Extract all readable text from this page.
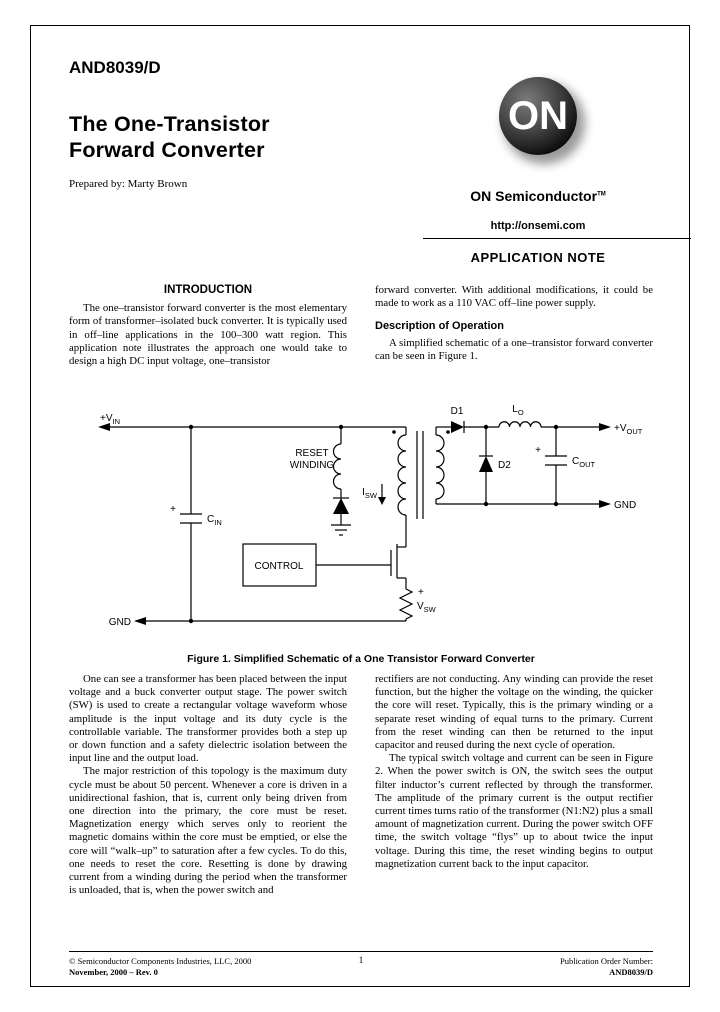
AND8039/D
The One-Transistor
Forward Converter
Prepared by: Marty Brown
ON
ON Semiconductor™
http://onsemi.com
APPLICATION NOTE
INTRODUCTION

The one–transistor forward converter is the most elementary form of transformer–isolated buck converter. It is typically used in off–line applications in the 100–300 watt region. This application note illustrates the approach one would take to design a high DC input voltage, one–transistor

forward converter. With additional modifications, it could be made to work as a 110 VAC off–line power supply.

Description of Operation

A simplified schematic of a one–transistor forward converter can be seen in Figure 1.

$+V_{IN}$
GND
+
$C_{IN}$
RESET
WINDING
$I_{SW}$
CONTROL
+
$V_{SW}$
D1
D2
$L_O$
+
$C_{OUT}$
$+V_{OUT}$
GND
Figure 1. Simplified Schematic of a One Transistor Forward Converter

One can see a transformer has been placed between the input voltage and a buck converter output stage. The power switch (SW) is used to create a rectangular voltage waveform whose amplitude is the input voltage and its duty cycle is the controllable variable. The transformer provides both a step up or down function and a safety dielectric isolation between the input line and the output load.

The major restriction of this topology is the maximum duty cycle must be about 50 percent. Whenever a core is driven in a unidirectional fashion, that is, current only being driven from one direction into the primary, the core must be reset. Magnetization energy which serves only to reorient the magnetic domains within the core must be emptied, or else the core will “walk–up” to saturation after a few cycles. To do this, one needs to reset the core. Resetting is done by drawing current from a winding during the period when the transformer is unloaded, that is, when the power switch and

rectifiers are not conducting. Any winding can provide the reset function, but the higher the voltage on the winding, the quicker the core will reset. Typically, this is the primary winding or a separate reset winding of equal turns to the primary. Current from the reset winding can then be returned to the input capacitor and reused during the next cycle of operation.

The typical switch voltage and current can be seen in Figure 2. When the power switch is ON, the switch sees the output filter inductor’s current reflected by through the transformer. The amplitude of the primary current is the output rectifier current times turns ratio of the transformer (N1:N2) plus a small amount of magnetization current. During the power switch OFF time, the switch voltage “flys” up to about twice the input voltage. During this time, the reset winding begins to output magnetization current back to the input capacitor.

© Semiconductor Components Industries, LLC, 2000
November, 2000 – Rev. 0
1	Publication Order Number:
AND8039/D
